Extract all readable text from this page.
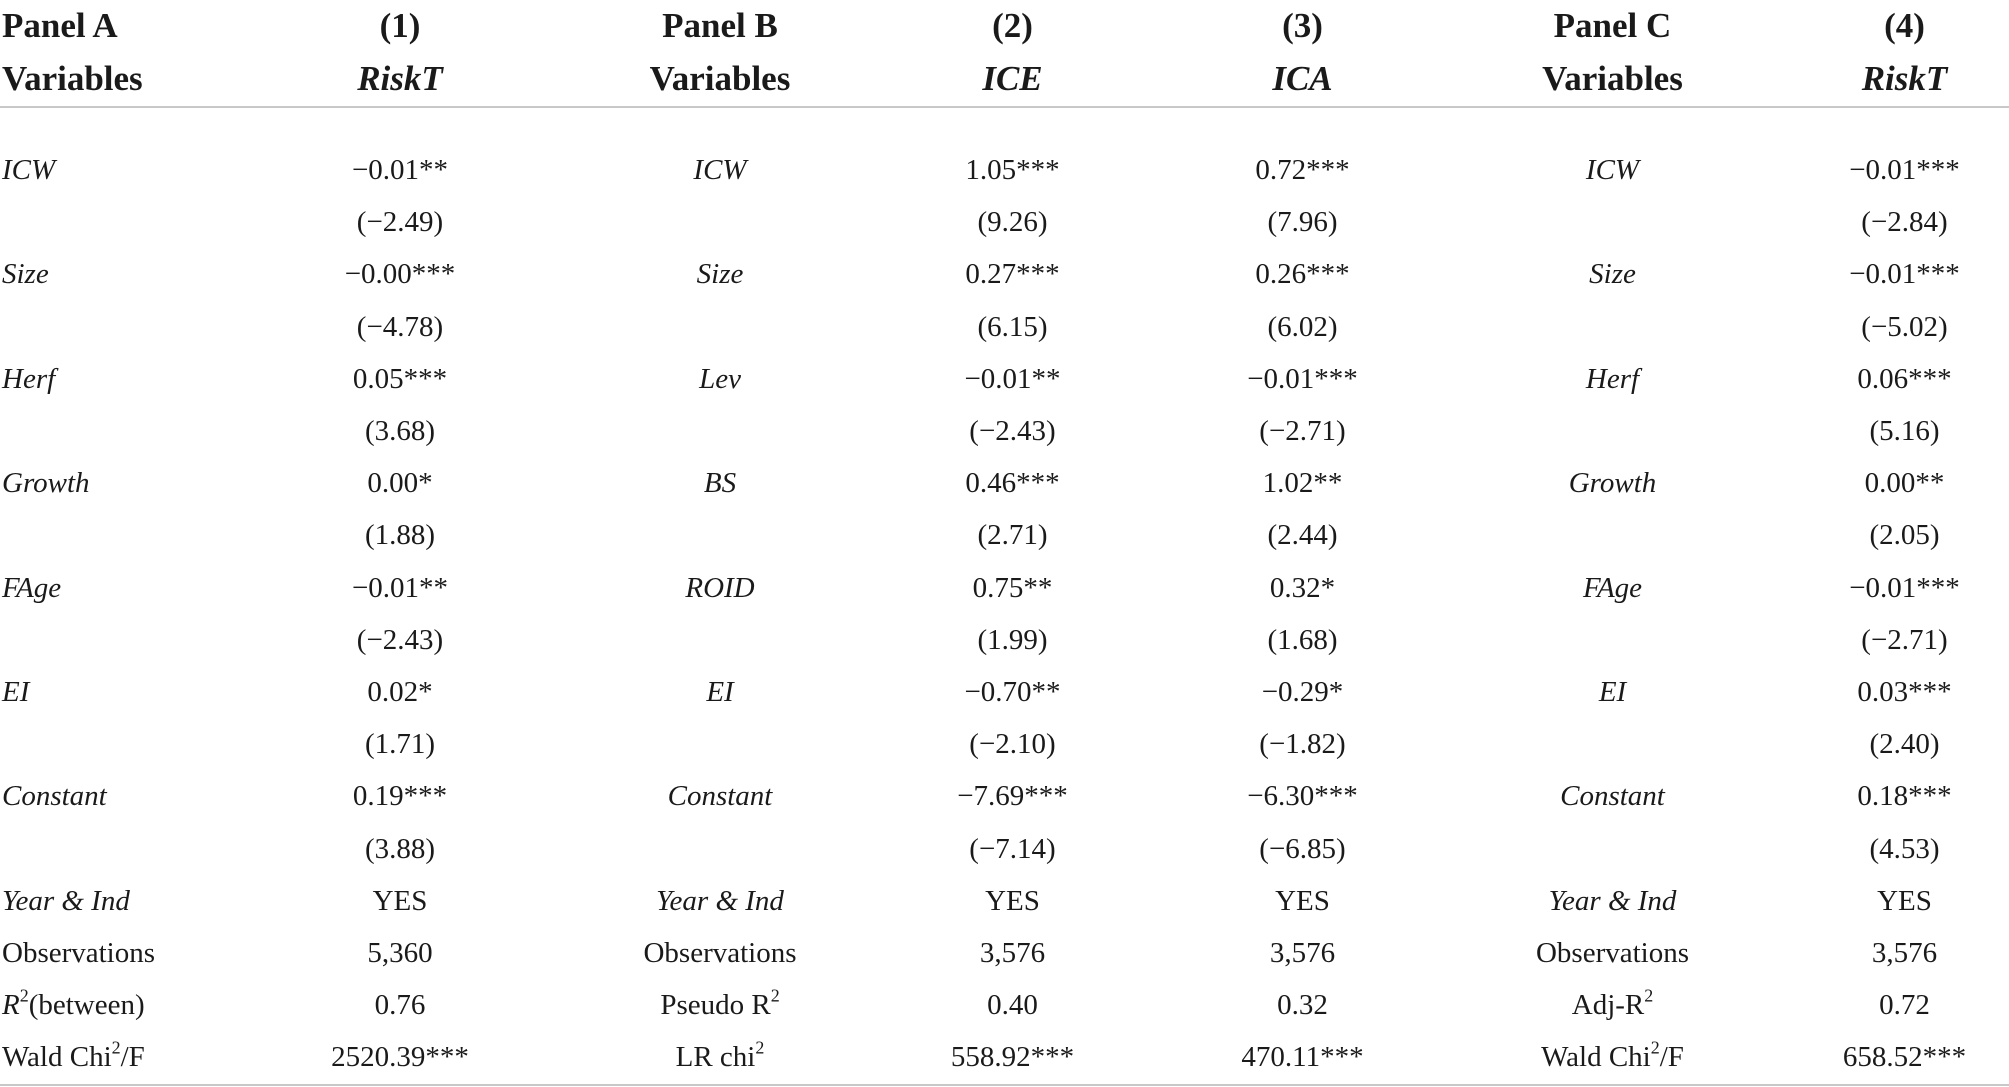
Panel A	(1)	Panel B	(2)	(3)	Panel C	(4)
Variables	RiskT	Variables	ICE	ICA	Variables	RiskT

ICW	−0.01**	ICW	1.05***	0.72***	ICW	−0.01***
	(−2.49)		(9.26)	(7.96)		(−2.84)
Size	−0.00***	Size	0.27***	0.26***	Size	−0.01***
	(−4.78)		(6.15)	(6.02)		(−5.02)
Herf	0.05***	Lev	−0.01**	−0.01***	Herf	0.06***
	(3.68)		(−2.43)	(−2.71)		(5.16)
Growth	0.00*	BS	0.46***	1.02**	Growth	0.00**
	(1.88)		(2.71)	(2.44)		(2.05)
FAge	−0.01**	ROID	0.75**	0.32*	FAge	−0.01***
	(−2.43)		(1.99)	(1.68)		(−2.71)
EI	0.02*	EI	−0.70**	−0.29*	EI	0.03***
	(1.71)		(−2.10)	(−1.82)		(2.40)
Constant	0.19***	Constant	−7.69***	−6.30***	Constant	0.18***
	(3.88)		(−7.14)	(−6.85)		(4.53)
Year & Ind	YES	Year & Ind	YES	YES	Year & Ind	YES
Observations	5,360	Observations	3,576	3,576	Observations	3,576
$R^2(between)$	0.76	Pseudo $R^2$	0.40	0.32	Adj-$R^2$	0.72
Wald Chi$^2$/F	2520.39***	LR chi$^2$	558.92***	470.11***	Wald Chi$^2$/F	658.52***
